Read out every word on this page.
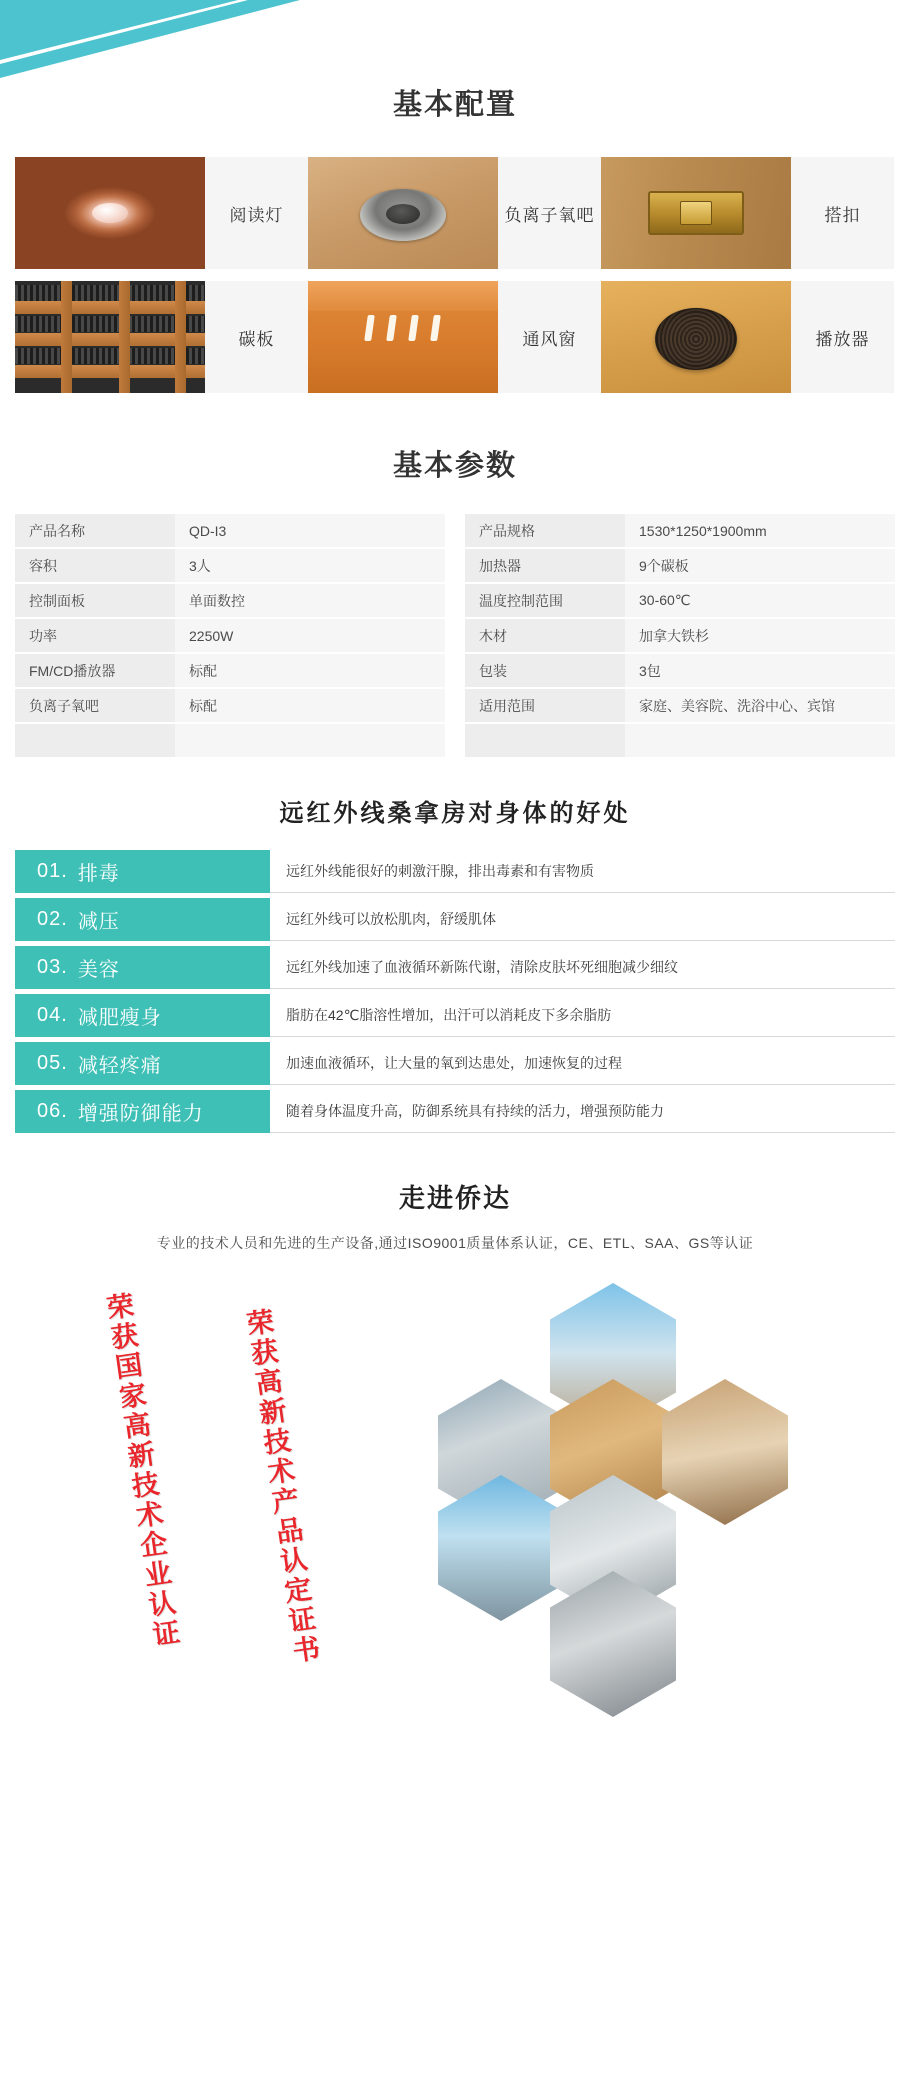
基本配置
阅读灯	负离子氧吧	搭扣
碳板	通风窗	播放器
基本参数
产品名称	QD-I3
容积	3人
控制面板	单面数控
功率	2250W
FM/CD播放器	标配
负离子氧吧	标配

产品规格	1530*1250*1900mm
加热器	9个碳板
温度控制范围	30-60℃
木材	加拿大铁杉
包装	3包
适用范围	家庭、美容院、洗浴中心、宾馆

远红外线桑拿房对身体的好处
01. 排毒	远红外线能很好的刺激汗腺，排出毒素和有害物质
02. 减压	远红外线可以放松肌肉，舒缓肌体
03. 美容	远红外线加速了血液循环新陈代谢，清除皮肤坏死细胞减少细纹
04. 减肥瘦身	脂肪在42℃脂溶性增加，出汗可以消耗皮下多余脂肪
05. 减轻疼痛	加速血液循环，让大量的氧到达患处，加速恢复的过程
06. 增强防御能力	随着身体温度升高，防御系统具有持续的活力，增强预防能力
走进侨达
专业的技术人员和先进的生产设备,通过ISO9001质量体系认证，CE、ETL、SAA、GS等认证
荣获国家高新技术企业认证 荣获高新技术产品认定证书
